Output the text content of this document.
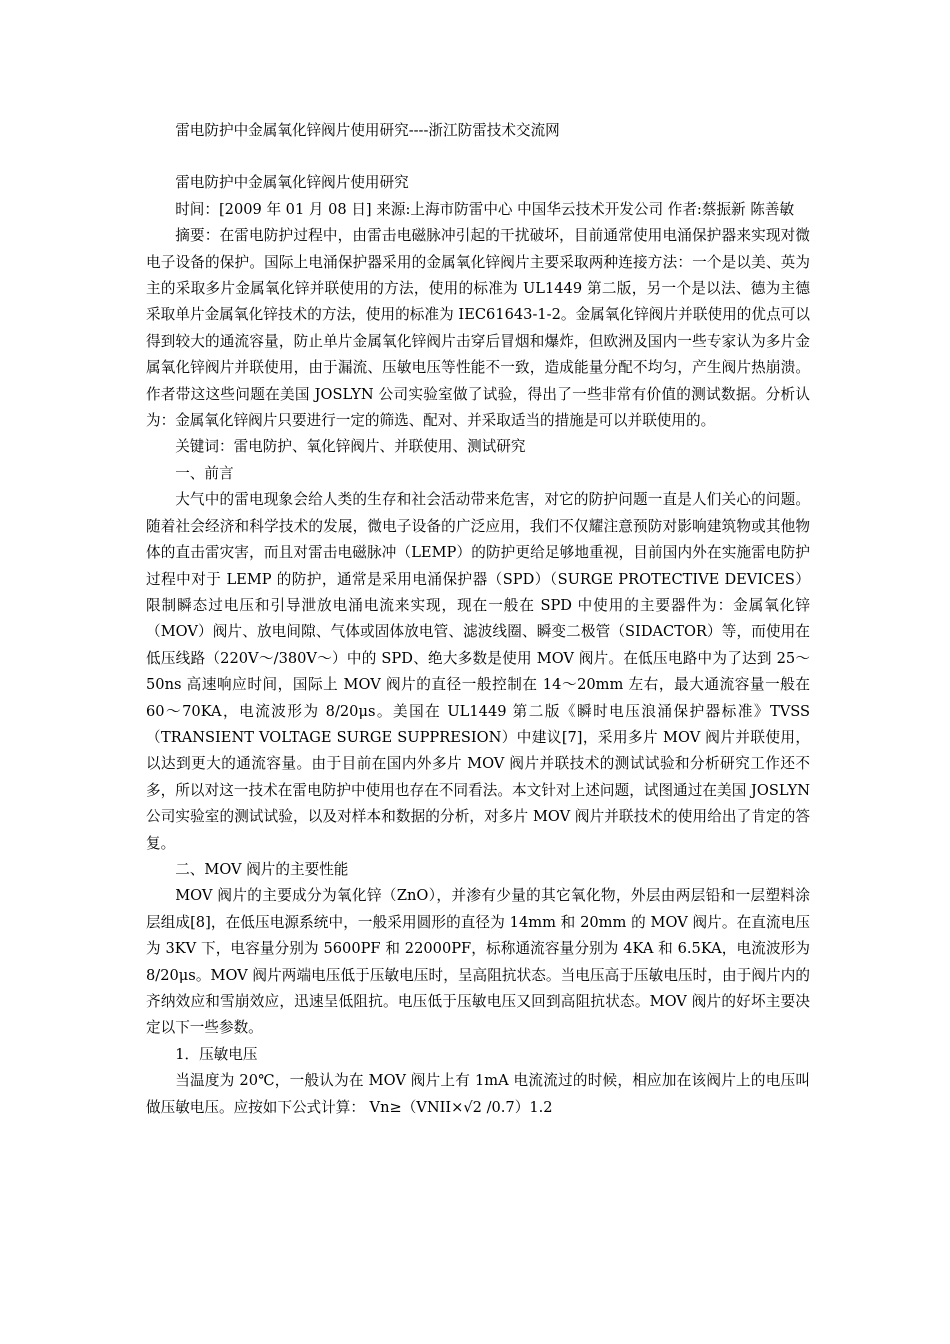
雷电防护中金属氧化锌阀片使用研究----浙江防雷技术交流网

雷电防护中金属氧化锌阀片使用研究

时间：[2009 年 01 月 08 日] 来源:上海市防雷中心 中国华云技术开发公司 作者:蔡振新 陈善敏

摘要：在雷电防护过程中，由雷击电磁脉冲引起的干扰破坏，目前通常使用电涌保护器来实现对微电子设备的保护。国际上电涌保护器采用的金属氧化锌阀片主要采取两种连接方法：一个是以美、英为主的采取多片金属氧化锌并联使用的方法，使用的标准为 UL1449 第二版，另一个是以法、德为主德采取单片金属氧化锌技术的方法，使用的标准为 IEC61643-1-2。金属氧化锌阀片并联使用的优点可以得到较大的通流容量，防止单片金属氧化锌阀片击穿后冒烟和爆炸，但欧洲及国内一些专家认为多片金属氧化锌阀片并联使用，由于漏流、压敏电压等性能不一致，造成能量分配不均匀，产生阀片热崩溃。作者带这这些问题在美国 JOSLYN 公司实验室做了试验，得出了一些非常有价值的测试数据。分析认为：金属氧化锌阀片只要进行一定的筛选、配对、并采取适当的措施是可以并联使用的。

关键词：雷电防护、氧化锌阀片、并联使用、测试研究

一、前言

大气中的雷电现象会给人类的生存和社会活动带来危害，对它的防护问题一直是人们关心的问题。随着社会经济和科学技术的发展，微电子设备的广泛应用，我们不仅耀注意预防对影响建筑物或其他物体的直击雷灾害，而且对雷击电磁脉冲（LEMP）的防护更给足够地重视，目前国内外在实施雷电防护过程中对于 LEMP 的防护，通常是采用电涌保护器（SPD）（SURGE PROTECTIVE DEVICES）限制瞬态过电压和引导泄放电涌电流来实现，现在一般在 SPD 中使用的主要器件为：金属氧化锌（MOV）阀片、放电间隙、气体或固体放电管、滤波线圈、瞬变二极管（SIDACTOR）等，而使用在低压线路（220V～/380V～）中的 SPD、绝大多数是使用 MOV 阀片。在低压电路中为了达到 25～50ns 高速响应时间，国际上 MOV 阀片的直径一般控制在 14～20mm 左右，最大通流容量一般在 60～70KA，电流波形为 8/20μs。美国在 UL1449 第二版《瞬时电压浪涌保护器标准》TVSS（TRANSIENT VOLTAGE SURGE SUPPRESION）中建议[7]，采用多片 MOV 阀片并联使用，以达到更大的通流容量。由于目前在国内外多片 MOV 阀片并联技术的测试试验和分析研究工作还不多，所以对这一技术在雷电防护中使用也存在不同看法。本文针对上述问题，试图通过在美国 JOSLYN 公司实验室的测试试验，以及对样本和数据的分析，对多片 MOV 阀片并联技术的使用给出了肯定的答复。

二、MOV 阀片的主要性能

MOV 阀片的主要成分为氧化锌（ZnO），并渗有少量的其它氧化物，外层由两层铅和一层塑料涂层组成[8]，在低压电源系统中，一般采用圆形的直径为 14mm 和 20mm 的 MOV 阀片。在直流电压为 3KV 下，电容量分别为 5600PF 和 22000PF，标称通流容量分别为 4KA 和 6.5KA，电流波形为 8/20μs。MOV 阀片两端电压低于压敏电压时，呈高阻抗状态。当电压高于压敏电压时，由于阀片内的齐纳效应和雪崩效应，迅速呈低阻抗。电压低于压敏电压又回到高阻抗状态。MOV 阀片的好坏主要决定以下一些参数。

1．压敏电压

当温度为 20℃，一般认为在 MOV 阀片上有 1mA 电流流过的时候，相应加在该阀片上的电压叫做压敏电压。应按如下公式计算： Vn≥（VNII×√2 /0.7）1.2
